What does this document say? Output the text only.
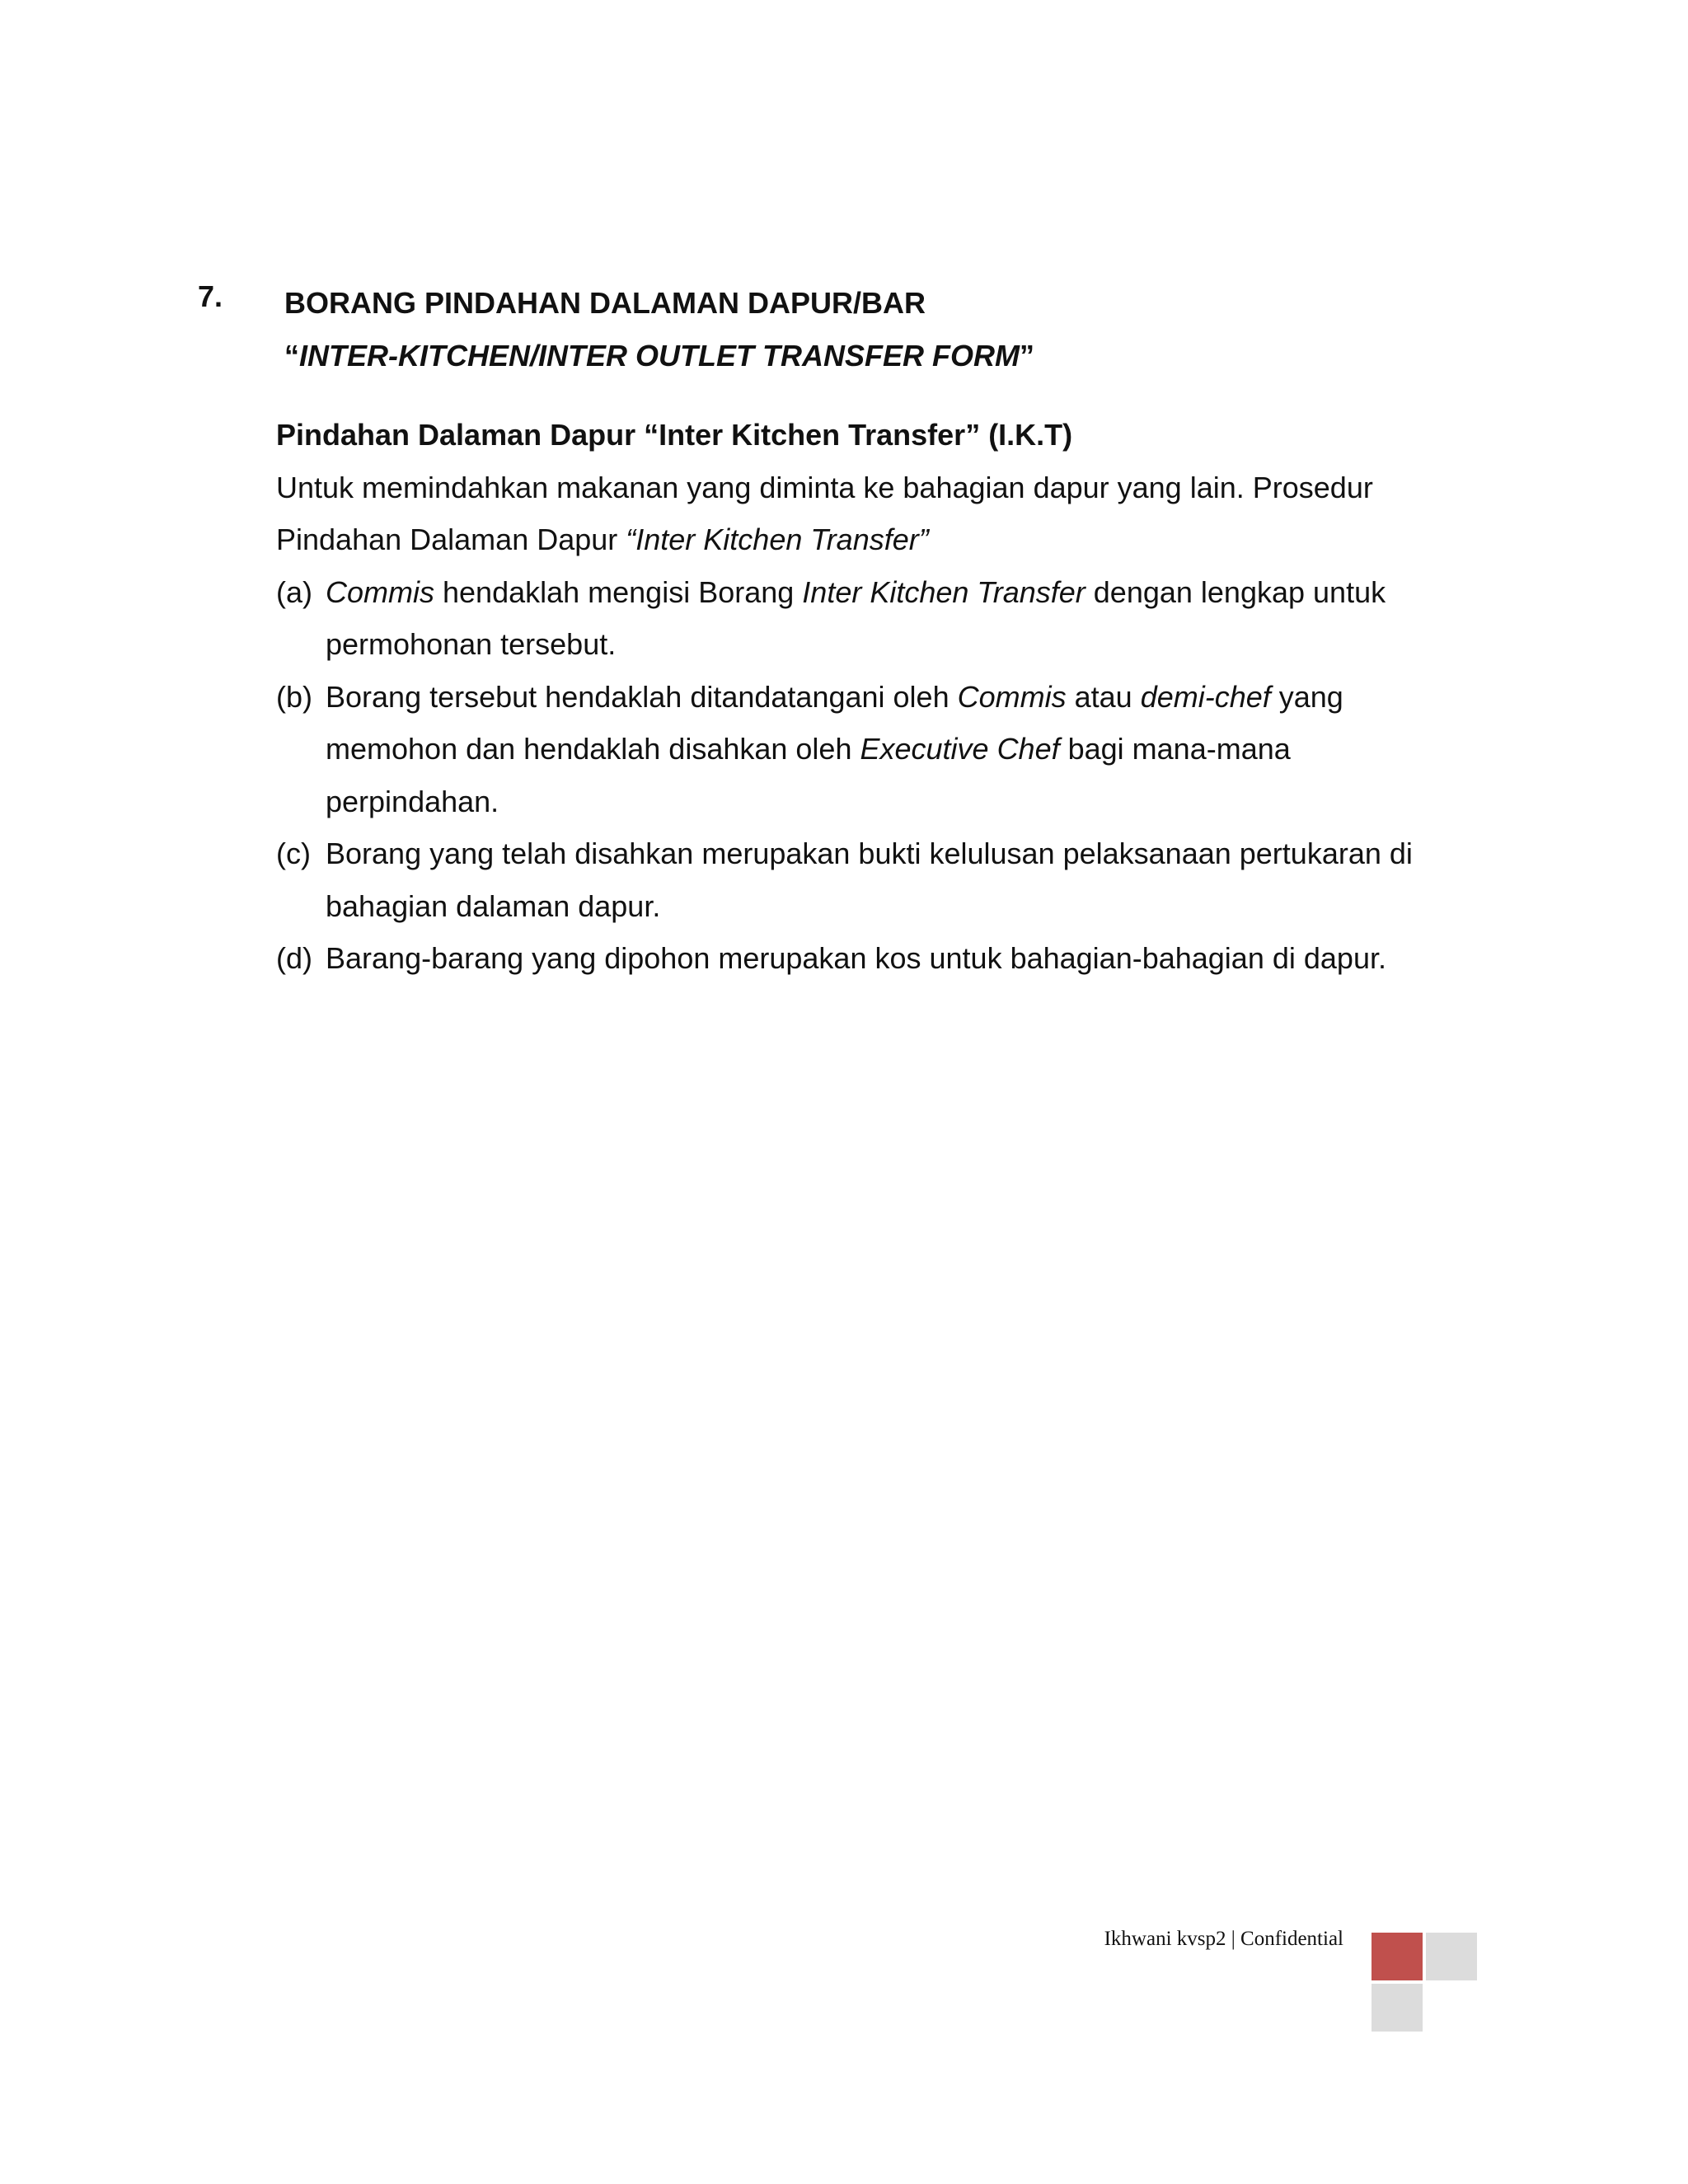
7. BORANG PINDAHAN DALAMAN DAPUR/BAR
“INTER-KITCHEN/INTER OUTLET TRANSFER FORM”

Pindahan Dalaman Dapur “Inter Kitchen Transfer” (I.K.T)

Untuk memindahkan makanan yang diminta ke bahagian dapur yang lain. Prosedur Pindahan Dalaman Dapur “Inter Kitchen Transfer”

(a) Commis hendaklah mengisi Borang Inter Kitchen Transfer dengan lengkap untuk permohonan tersebut.
(b) Borang tersebut hendaklah ditandatangani oleh Commis atau demi-chef yang memohon dan hendaklah disahkan oleh Executive Chef bagi mana-mana perpindahan.
(c) Borang yang telah disahkan merupakan bukti kelulusan pelaksanaan pertukaran di bahagian dalaman dapur.
(d) Barang-barang yang dipohon merupakan kos untuk bahagian-bahagian di dapur.
Ikhwani kvsp2 | Confidential
